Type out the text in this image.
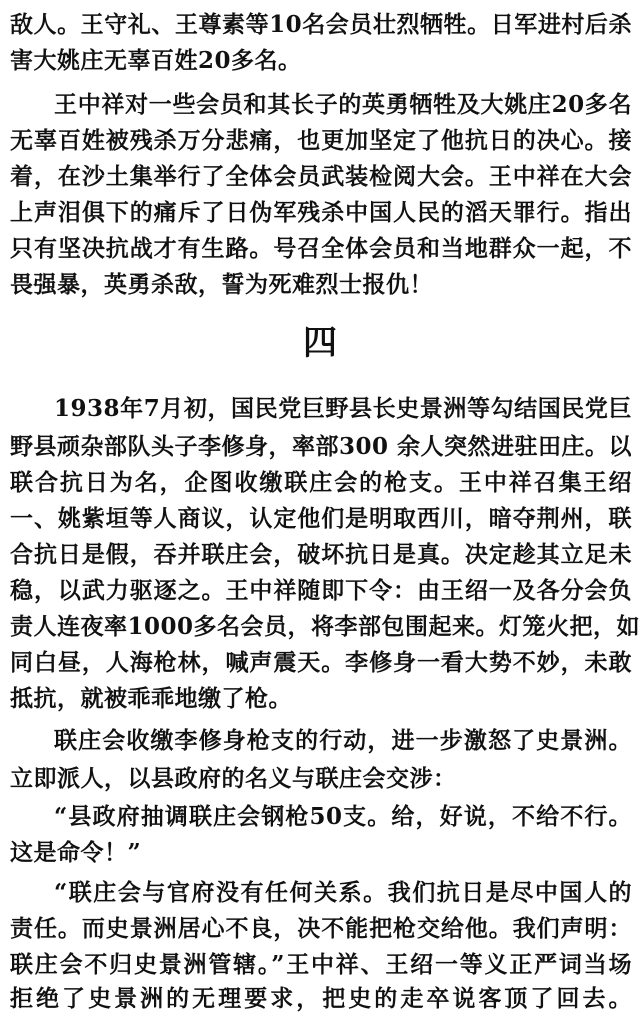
敌人。王守礼、王尊素等10名会员壮烈牺牲。日军进村后杀
害大姚庄无辜百姓20多名。
王中祥对一些会员和其长子的英勇牺牲及大姚庄20多名
无辜百姓被残杀万分悲痛，也更加坚定了他抗日的决心。接
着，在沙土集举行了全体会员武装检阅大会。王中祥在大会
上声泪俱下的痛斥了日伪军残杀中国人民的滔天罪行。指出
只有坚决抗战才有生路。号召全体会员和当地群众一起，不
畏强暴，英勇杀敌，誓为死难烈士报仇！
四
1938年7月初，国民党巨野县长史景洲等勾结国民党巨
野县顽杂部队头子李修身，率部300 余人突然进驻田庄。以
联合抗日为名，企图收缴联庄会的枪支。王中祥召集王绍
一、姚紫垣等人商议，认定他们是明取西川，暗夺荆州，联
合抗日是假，吞并联庄会，破坏抗日是真。决定趁其立足未
稳，以武力驱逐之。王中祥随即下令：由王绍一及各分会负
责人连夜率1000多名会员，将李部包围起来。灯笼火把，如
同白昼，人海枪林，喊声震天。李修身一看大势不妙，未敢
抵抗，就被乖乖地缴了枪。
联庄会收缴李修身枪支的行动，进一步激怒了史景洲。
立即派人，以县政府的名义与联庄会交涉：
“县政府抽调联庄会钢枪50支。给，好说，不给不行。
这是命令！”
“联庄会与官府没有任何关系。我们抗日是尽中国人的
责任。而史景洲居心不良，决不能把枪交给他。我们声明：
联庄会不归史景洲管辖。”王中祥、王绍一等义正严词当场
拒绝了史景洲的无理要求，把史的走卒说客顶了回去。
